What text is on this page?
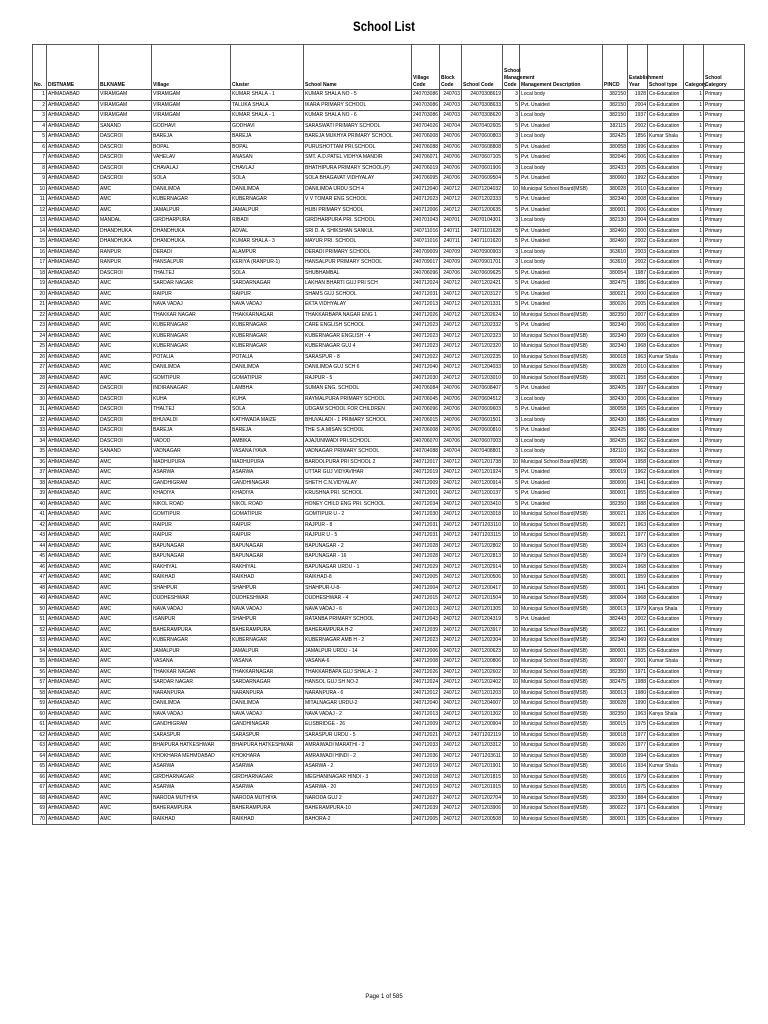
School List
No.	DISTNAME	BLKNAME	Village	Cluster	School Name	Village Code	Block Code	School Code	School Management Code	Management Description	PINCD	Establishment Year	School type	Category	School Category
1	AHMADABAD	VIRAMGAM	VIRAMGAM	KUMAR SHALA - 1	KUMAR SHALA NO - 5	240703086	240703	24070308619	3	Local body	382150	1928	Co-Education	1	Primary
2	AHMADABAD	VIRAMGAM	VIRAMGAM	TALUKA SHALA	IKARA PRIMARY SCHOOL	240703086	240703	24070308633	5	Pvt. Unaided	382150	2004	Co-Education	1	Primary
3	AHMADABAD	VIRAMGAM	VIRAMGAM	KUMAR SHALA - 1	KUMAR SHALA NO - 6	240703086	240703	24070308620	3	Local body	382150	1937	Co-Education	1	Primary
4	AHMADABAD	SANAND	GODHAVI	GODHAVI	SARASWATI PRIMARY SCHOOL	240704026	240704	24070402605	5	Pvt. Unaided	382115	2002	Co-Education	1	Primary
5	AHMADABAD	DASCROI	BAREJA	BAREJA	BAREJA MUKHYA PRIMARY SCHOOL	240706008	240706	24070600803	3	Local body	382425	1856	Kumar Shala	1	Primary
6	AHMADABAD	DASCROI	BOPAL	BOPAL	PURUSHOTTAM PRI.SCHOOL	240706088	240706	24070608808	5	Pvt. Unaided	380058	1996	Co-Education	1	Primary
7	AHMADABAD	DASCROI	VAHELAV	ANASAN	SMT. A.D.PATEL VIDHYA MANDIR	240706071	240706	24070607105	5	Pvt. Unaided	382046	2006	Co-Education	1	Primary
8	AHMADABAD	DASCROI	CHAVALAJ	CHAVLAJ	BHATHIPURA PRIMARY SCHOOL(P)	240706019	240706	24070601906	3	Local body	382433	2005	Co-Education	1	Primary
9	AHMADABAD	DASCROI	SOLA	SOLA	SOLA BHAGAVAT VIDHYALAY	240706095	240706	24070609504	5	Pvt. Unaided	380060	1992	Co-Education	1	Primary
10	AHMADABAD	AMC	DANILIMDA	DANILIMDA	DANILIMDA URDU SCH 4	240712040	240712	24071204032	10	Municipal School Board(MSB)	380028	2010	Co-Education	1	Primary
11	AHMADABAD	AMC	KUBERNAGAR	KUBERNAGAR	V V TOMAR ENG SCHOOL	240712023	240712	24071202333	5	Pvt. Unaided	382340	2008	Co-Education	1	Primary
12	AHMADABAD	AMC	JAMALPUR	JAMALPUR	HUBI PRIMARY SCHOOL	240712006	240712	24071200635	5	Pvt. Unaided	380001	2006	Co-Education	1	Primary
13	AHMADABAD	MANDAL	GIRDHARPURA	RIBADI	GIRDHARPURA PRI. SCHOOL	240701043	240701	24070104301	3	Local body	382130	2004	Co-Education	1	Primary
14	AHMADABAD	DHANDHUKA	DHANDHUKA	ADVAL	SRI D. A. SHIKSHAN SANKUL	240711016	240711	24071101628	5	Pvt. Unaided	382460	2000	Co-Education	1	Primary
15	AHMADABAD	DHANDHUKA	DHANDHUKA	KUMAR SHALA - 3	MAYUR PRI. SCHOOL	240711016	240711	24071101620	5	Pvt. Unaided	382460	2002	Co-Education	1	Primary
16	AHMADABAD	RANPUR	DERADI	ALAMPUR	DERADI PRIMARY SCHOOL	240709009	240709	24070900903	3	Local body	363610	2003	Co-Education	1	Primary
17	AHMADABAD	RANPUR	HANSALPUR	KERIYA (RANPUR-1)	HANSALPUR PRIMARY SCHOOL	240709017	240709	24070901701	3	Local body	363610	2002	Co-Education	1	Primary
18	AHMADABAD	DASCROI	THALTEJ	SOLA	SHUBHAMBAL	240706096	240706	24070609625	5	Pvt. Unaided	380054	1987	Co-Education	1	Primary
19	AHMADABAD	AMC	SARDAR NAGAR	SARDARNAGAR	LAKHAN BHARTI GUJ PRI SCH	240712024	240712	24071202421	5	Pvt. Unaided	382475	1986	Co-Education	1	Primary
20	AHMADABAD	AMC	RAIPUR	RAIPUR	SHAMS GUJ SCHOOL	240712031	240712	24071203127	5	Pvt. Unaided	380021	2000	Co-Education	1	Primary
21	AHMADABAD	AMC	NAVA VADAJ	NAVA VADAJ	EKTA VIDHYALAY	240712013	240712	24071201331	5	Pvt. Unaided	380026	2005	Co-Education	1	Primary
22	AHMADABAD	AMC	THAKKAR NAGAR	THAKKARNAGAR	THAKKARBAPA NAGAR ENG 1	240712026	240712	24071202624	10	Municipal School Board(MSB)	382350	2007	Co-Education	1	Primary
23	AHMADABAD	AMC	KUBERNAGAR	KUBERNAGAR	CARE ENGLISH SCHOOL	240712023	240712	24071202332	5	Pvt. Unaided	382340	2006	Co-Education	1	Primary
24	AHMADABAD	AMC	KUBERNAGAR	KUBERNAGAR	KUBERNAGAR ENGLISH - 4	240712023	240712	24071202323	10	Municipal School Board(MSB)	382340	2009	Co-Education	1	Primary
25	AHMADABAD	AMC	KUBERNAGAR	KUBERNAGAR	KUBERNAGAR GUJ 4	240712023	240712	24071202320	10	Municipal School Board(MSB)	382340	1968	Co-Education	1	Primary
26	AHMADABAD	AMC	POTALIA	POTALIA	SARASPUR - 8	240712022	240712	24071202235	10	Municipal School Board(MSB)	380018	1963	Kumar Shala	1	Primary
27	AHMADABAD	AMC	DANILIMDA	DANILIMDA	DANILIMDA GUJ SCH 6	240712040	240712	24071204033	10	Municipal School Board(MSB)	380028	2010	Co-Education	1	Primary
28	AHMADABAD	AMC	GOMTIPUR	GOMATIPUR	RAJPUR - 5	240712030	240712	24071203010	10	Municipal School Board(MSB)	380021	1958	Co-Education	1	Primary
29	AHMADABAD	DASCROI	INDIRANAGAR	LAMBHA	SUMAN ENG. SCHOOL	240706084	240706	24070608407	5	Pvt. Unaided	382405	1997	Co-Education	1	Primary
30	AHMADABAD	DASCROI	KUHA	KUHA	RAYMALPURA PRIMARY SCHOOL	240706045	240706	24070604512	3	Local body	382430	2006	Co-Education	1	Primary
31	AHMADABAD	DASCROI	THALTEJ	SOLA	UDGAM SCHOOL FOR CHILDREN	240706096	240706	24070609603	5	Pvt. Unaided	380058	1965	Co-Education	1	Primary
32	AHMADABAD	DASCROI	BHUVALDI	KATHWADA MAIZE	BHUVALADI - 1 PRIMARY SCHOOL	240706015	240706	24070601501	3	Local body	382430	1886	Co-Education	1	Primary
33	AHMADABAD	DASCROI	BAREJA	BAREJA	THE S.A.MISAN SCHOOL	240706008	240706	24070600810	5	Pvt. Unaided	382425	1986	Co-Education	1	Primary
34	AHMADABAD	DASCROI	VADOD	AMBIKA	AJAJUNIWADI PRI.SCHOOL	240706070	240706	24070607003	3	Local body	382435	1962	Co-Education	1	Primary
35	AHMADABAD	SANAND	VADNAGAR	VASANA IYAVA	VADNAGAR PRIMARY SCHOOL	240704088	240704	24070408801	3	Local body	382110	1962	Co-Education	1	Primary
36	AHMADABAD	AMC	MADHUPURA	MADHUPURA	BARDOLPURA PRI SCHOOL 2	240712017	240712	24071201738	10	Municipal School Board(MSB)	380004	1958	Co-Education	1	Primary
37	AHMADABAD	AMC	ASARWA	ASARWA	UTTAR GUJ VIDYAVIHAR	240712019	240712	24071201924	5	Pvt. Unaided	380019	1962	Co-Education	1	Primary
38	AHMADABAD	AMC	GANDHIGRAM	GANDHINAGAR	SHETH C.N.VIDYALAY	240712009	240712	24071200914	5	Pvt. Unaided	380006	1941	Co-Education	1	Primary
39	AHMADABAD	AMC	KHADIYA	KHADIYA	KRUSHNA PRI. SCHOOL	240712001	240712	24071200137	5	Pvt. Unaided	380001	1955	Co-Education	1	Primary
40	AHMADABAD	AMC	NIKOL ROAD	NIKOL ROAD	HONEY CHILD ENG PRI. SCHOOL	240712034	240712	24071203410	5	Pvt. Unaided	382350	1988	Co-Education	1	Primary
41	AHMADABAD	AMC	GOMTIPUR	GOMATIPUR	GOMTIPUR U - 2	240712030	240712	24071203018	10	Municipal School Board(MSB)	380021	1926	Co-Education	1	Primary
42	AHMADABAD	AMC	RAIPUR	RAIPUR	RAJPUR - 8	240712031	240712	24071203110	10	Municipal School Board(MSB)	380021	1963	Co-Education	1	Primary
43	AHMADABAD	AMC	RAIPUR	RAIPUR	RAJPUR U - 5	240712031	240712	24071203115	10	Municipal School Board(MSB)	380021	1977	Co-Education	1	Primary
44	AHMADABAD	AMC	BAPUNAGAR	BAPUNAGAR	BAPUNAGAR - 2	240712028	240712	24071202802	10	Municipal School Board(MSB)	380024	1963	Co-Education	1	Primary
45	AHMADABAD	AMC	BAPUNAGAR	BAPUNAGAR	BAPUNAGAR - 16	240712028	240712	24071202813	10	Municipal School Board(MSB)	380024	1979	Co-Education	1	Primary
46	AHMADABAD	AMC	RAKHIYAL	RAKHIYAL	BAPUNAGAR URDU - 1	240712029	240712	24071202914	10	Municipal School Board(MSB)	380024	1968	Co-Education	1	Primary
47	AHMADABAD	AMC	RAIKHAD	RAIKHAD	RAIKHAD-8	240712005	240712	24071200506	10	Municipal School Board(MSB)	380001	1959	Co-Education	1	Primary
48	AHMADABAD	AMC	SHAHPUR	SHAHPUR	SHAHPUR-U-8-	240712004	240712	24071200417	10	Municipal School Board(MSB)	380001	1941	Co-Education	1	Primary
49	AHMADABAD	AMC	DUDHESHWAR	DUDHESHWAR	DUDHESHWAR - 4	240712015	240712	24071201504	10	Municipal School Board(MSB)	380004	1968	Co-Education	1	Primary
50	AHMADABAD	AMC	NAVA VADAJ	NAVA VADAJ	NAVA VADAJ - 6	240712013	240712	24071201305	10	Municipal School Board(MSB)	380013	1979	Kanya Shala	1	Primary
51	AHMADABAD	AMC	ISANPUR	SHAHPUR	RATANBA PRIMARY SCHOOL	240712043	240712	24071204319	5	Pvt. Unaided	382443	2002	Co-Education	1	Primary
52	AHMADABAD	AMC	BAHERAMPURA	BAHERAMPURA	BAHERAMPURA H-2	240712039	240712	24071203917	10	Municipal School Board(MSB)	380022	1961	Co-Education	1	Primary
53	AHMADABAD	AMC	KUBERNAGAR	KUBERNAGAR	KUBERNAGAR AMB H - 2	240712023	240712	24071202304	10	Municipal School Board(MSB)	382340	1969	Co-Education	1	Primary
54	AHMADABAD	AMC	JAMALPUR	JAMALPUR	JAMALPUR URDU - 14	240712006	240712	24071200623	10	Municipal School Board(MSB)	380001	1935	Co-Education	1	Primary
55	AHMADABAD	AMC	VASANA	VASANA	VASANA-6	240712008	240712	24071200806	10	Municipal School Board(MSB)	380007	2001	Kumar Shala	1	Primary
56	AHMADABAD	AMC	THAKKAR NAGAR	THAKKARNAGAR	THAKKARBAPA GUJ SHALA - 2	240712026	240712	24071202602	10	Municipal School Board(MSB)	382350	1971	Co-Education	1	Primary
57	AHMADABAD	AMC	SARDAR NAGAR	SARDARNAGAR	HANSOL GUJ SH NO-2	240712024	240712	24071202402	10	Municipal School Board(MSB)	382475	1988	Co-Education	1	Primary
58	AHMADABAD	AMC	NARANPURA	NARANPURA	NARANPURA - 6	240712012	240712	24071201203	10	Municipal School Board(MSB)	380013	1980	Co-Education	1	Primary
59	AHMADABAD	AMC	DANILIMDA	DANILIMDA	MITALNAGAR URDU-2	240712040	240712	24071204007	10	Municipal School Board(MSB)	380028	1990	Co-Education	1	Primary
60	AHMADABAD	AMC	NAVA VADAJ	NAVA VADAJ	NAVA VADAJ - 2	240712013	240712	24071201302	10	Municipal School Board(MSB)	382350	1963	Kanya Shala	1	Primary
61	AHMADABAD	AMC	GANDHIGRAM	GANDHINAGAR	ELISBRIDGE - 26	240712009	240712	24071200904	10	Municipal School Board(MSB)	380015	1975	Co-Education	1	Primary
62	AHMADABAD	AMC	SARASPUR	SARASPUR	SARASPUR URDU - 5	240712021	240712	24071202119	10	Municipal School Board(MSB)	380018	1977	Co-Education	1	Primary
63	AHMADABAD	AMC	BHAIPURA HATKESHWAR	BHAIPURA HATKESHWAR	AMRAIWADI MARATHI - 2	240712033	240712	24071203312	10	Municipal School Board(MSB)	380026	1977	Co-Education	1	Primary
64	AHMADABAD	AMC	KHOKHARA MEHMDABAD	KHOKHARA	AMRAIWADI HINDI - 2	240712036	240712	24071203611	10	Municipal School Board(MSB)	380008	1994	Co-Education	1	Primary
65	AHMADABAD	AMC	ASARWA	ASARWA	ASARWA - 2	240712019	240712	24071201901	10	Municipal School Board(MSB)	380016	1934	Kumar Shala	1	Primary
66	AHMADABAD	AMC	GIRDHARNAGAR	GIRDHARNAGAR	MEGHANINAGAR HINDI - 3	240712018	240712	24071201815	10	Municipal School Board(MSB)	380016	1979	Co-Education	1	Primary
67	AHMADABAD	AMC	ASARWA	ASARWA	ASARWA - 20	240712019	240712	24071201915	10	Municipal School Board(MSB)	380016	1975	Co-Education	1	Primary
68	AHMADABAD	AMC	NARODA MUTHIYA	NARODA MUTHIYA	NARODA GUJ 2	240712027	240712	24071202704	10	Municipal School Board(MSB)	382330	1884	Co-Education	1	Primary
69	AHMADABAD	AMC	BAHERAMPURA	BAHERAMPURA	BAHERAMPURA-10	240712039	240712	24071203906	10	Municipal School Board(MSB)	380022	1971	Co-Education	1	Primary
70	AHMADABAD	AMC	RAIKHAD	RAIKHAD	BAHORA-2	240712005	240712	24071200508	10	Municipal School Board(MSB)	380001	1935	Co-Education	1	Primary
Page 1 of 585
